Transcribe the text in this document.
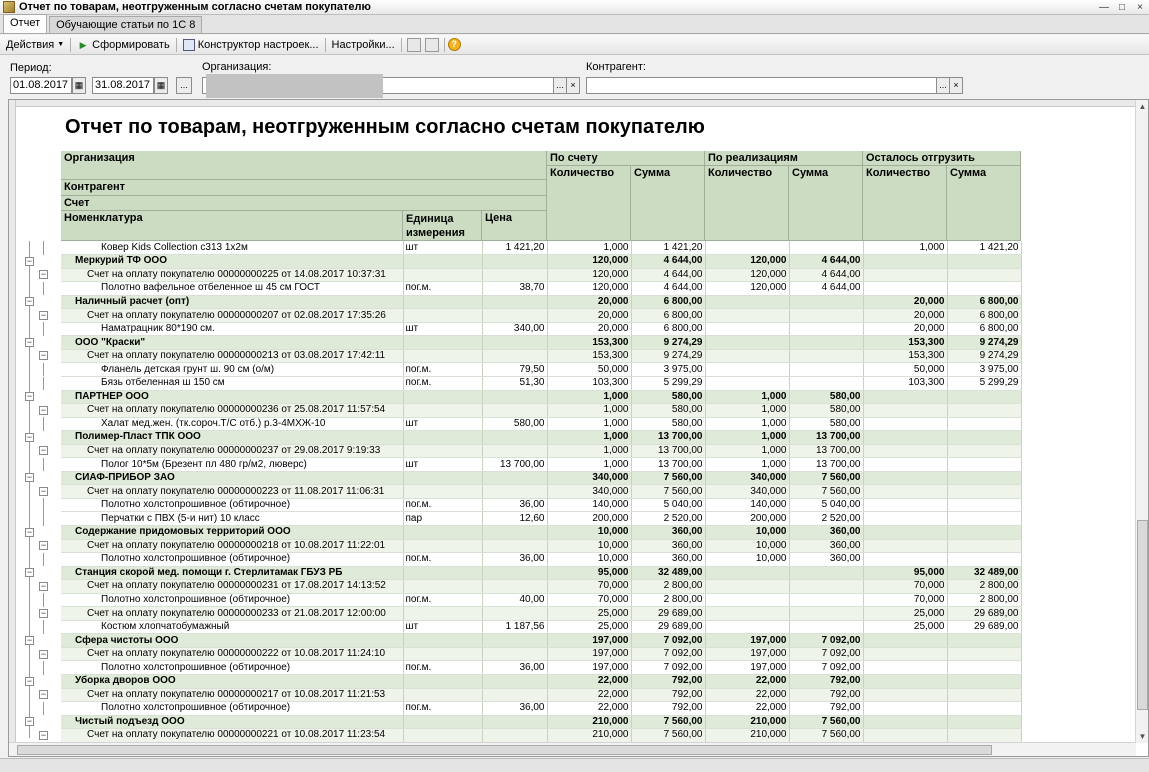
Отчет по товарам, неотгруженным согласно счетам покупателю	— □	×
Отчет	Обучающие статьи по 1С 8
Действия ▼ ▶ Сформировать	Конструктор настроек... Настройки...	?
Период:
01.08.2017 ▦ 31.08.2017 ▦	...
Организация:
... ×
Контрагент:
... ×
Отчет по товарам, неотгруженным согласно счетам покупателю
Организация
Контрагент
Счет
Номенклатура	Единица
измерения
Цена
По счету	По реализациям	Осталось отгрузить
Количество	Сумма	Количество	Сумма	Количество	Сумма
−
−
−
−
−
−
−
−
−
−
−
−
−
−
−
−
−
−
−
−
−
−
−
Ковер Kids Collection с313 1х2м	шт	1 421,20	1,000	1 421,20			1,000	1 421,20
Меркурий ТФ ООО			120,000	4 644,00	120,000	4 644,00		
Счет на оплату покупателю 00000000225 от 14.08.2017 10:37:31			120,000	4 644,00	120,000	4 644,00		
Полотно вафельное отбеленное ш 45 см ГОСТ	пог.м.	38,70	120,000	4 644,00	120,000	4 644,00		
Наличный расчет (опт)			20,000	6 800,00			20,000	6 800,00
Счет на оплату покупателю 00000000207 от 02.08.2017 17:35:26			20,000	6 800,00			20,000	6 800,00
Наматрацник 80*190 см.	шт	340,00	20,000	6 800,00			20,000	6 800,00
ООО "Краски"			153,300	9 274,29			153,300	9 274,29
Счет на оплату покупателю 00000000213 от 03.08.2017 17:42:11			153,300	9 274,29			153,300	9 274,29
Фланель детская грунт ш. 90 см (о/м)	пог.м.	79,50	50,000	3 975,00			50,000	3 975,00
Бязь отбеленная ш 150 см	пог.м.	51,30	103,300	5 299,29			103,300	5 299,29
ПАРТНЕР ООО			1,000	580,00	1,000	580,00		
Счет на оплату покупателю 00000000236 от 25.08.2017 11:57:54			1,000	580,00	1,000	580,00		
Халат мед.жен. (тк.сороч.Т/С отб.) р.3-4МХЖ-10	шт	580,00	1,000	580,00	1,000	580,00		
Полимер-Пласт ТПК ООО			1,000	13 700,00	1,000	13 700,00		
Счет на оплату покупателю 00000000237 от 29.08.2017 9:19:33			1,000	13 700,00	1,000	13 700,00		
Полог 10*5м (Брезент пл 480 гр/м2, люверс)	шт	13 700,00	1,000	13 700,00	1,000	13 700,00		
СИАФ-ПРИБОР ЗАО			340,000	7 560,00	340,000	7 560,00		
Счет на оплату покупателю 00000000223 от 11.08.2017 11:06:31			340,000	7 560,00	340,000	7 560,00		
Полотно холстопрошивное (обтирочное)	пог.м.	36,00	140,000	5 040,00	140,000	5 040,00		
Перчатки с ПВХ (5-и нит) 10 класс	пар	12,60	200,000	2 520,00	200,000	2 520,00		
Содержание придомовых территорий ООО			10,000	360,00	10,000	360,00		
Счет на оплату покупателю 00000000218 от 10.08.2017 11:22:01			10,000	360,00	10,000	360,00		
Полотно холстопрошивное (обтирочное)	пог.м.	36,00	10,000	360,00	10,000	360,00		
Станция скорой мед. помощи г. Стерлитамак ГБУЗ РБ			95,000	32 489,00			95,000	32 489,00
Счет на оплату покупателю 00000000231 от 17.08.2017 14:13:52			70,000	2 800,00			70,000	2 800,00
Полотно холстопрошивное (обтирочное)	пог.м.	40,00	70,000	2 800,00			70,000	2 800,00
Счет на оплату покупателю 00000000233 от 21.08.2017 12:00:00			25,000	29 689,00			25,000	29 689,00
Костюм хлопчатобумажный	шт	1 187,56	25,000	29 689,00			25,000	29 689,00
Сфера чистоты ООО			197,000	7 092,00	197,000	7 092,00		
Счет на оплату покупателю 00000000222 от 10.08.2017 11:24:10			197,000	7 092,00	197,000	7 092,00		
Полотно холстопрошивное (обтирочное)	пог.м.	36,00	197,000	7 092,00	197,000	7 092,00		
Уборка дворов ООО			22,000	792,00	22,000	792,00		
Счет на оплату покупателю 00000000217 от 10.08.2017 11:21:53			22,000	792,00	22,000	792,00		
Полотно холстопрошивное (обтирочное)	пог.м.	36,00	22,000	792,00	22,000	792,00		
Чистый подъезд ООО			210,000	7 560,00	210,000	7 560,00		
Счет на оплату покупателю 00000000221 от 10.08.2017 11:23:54			210,000	7 560,00	210,000	7 560,00		
▲
▼
